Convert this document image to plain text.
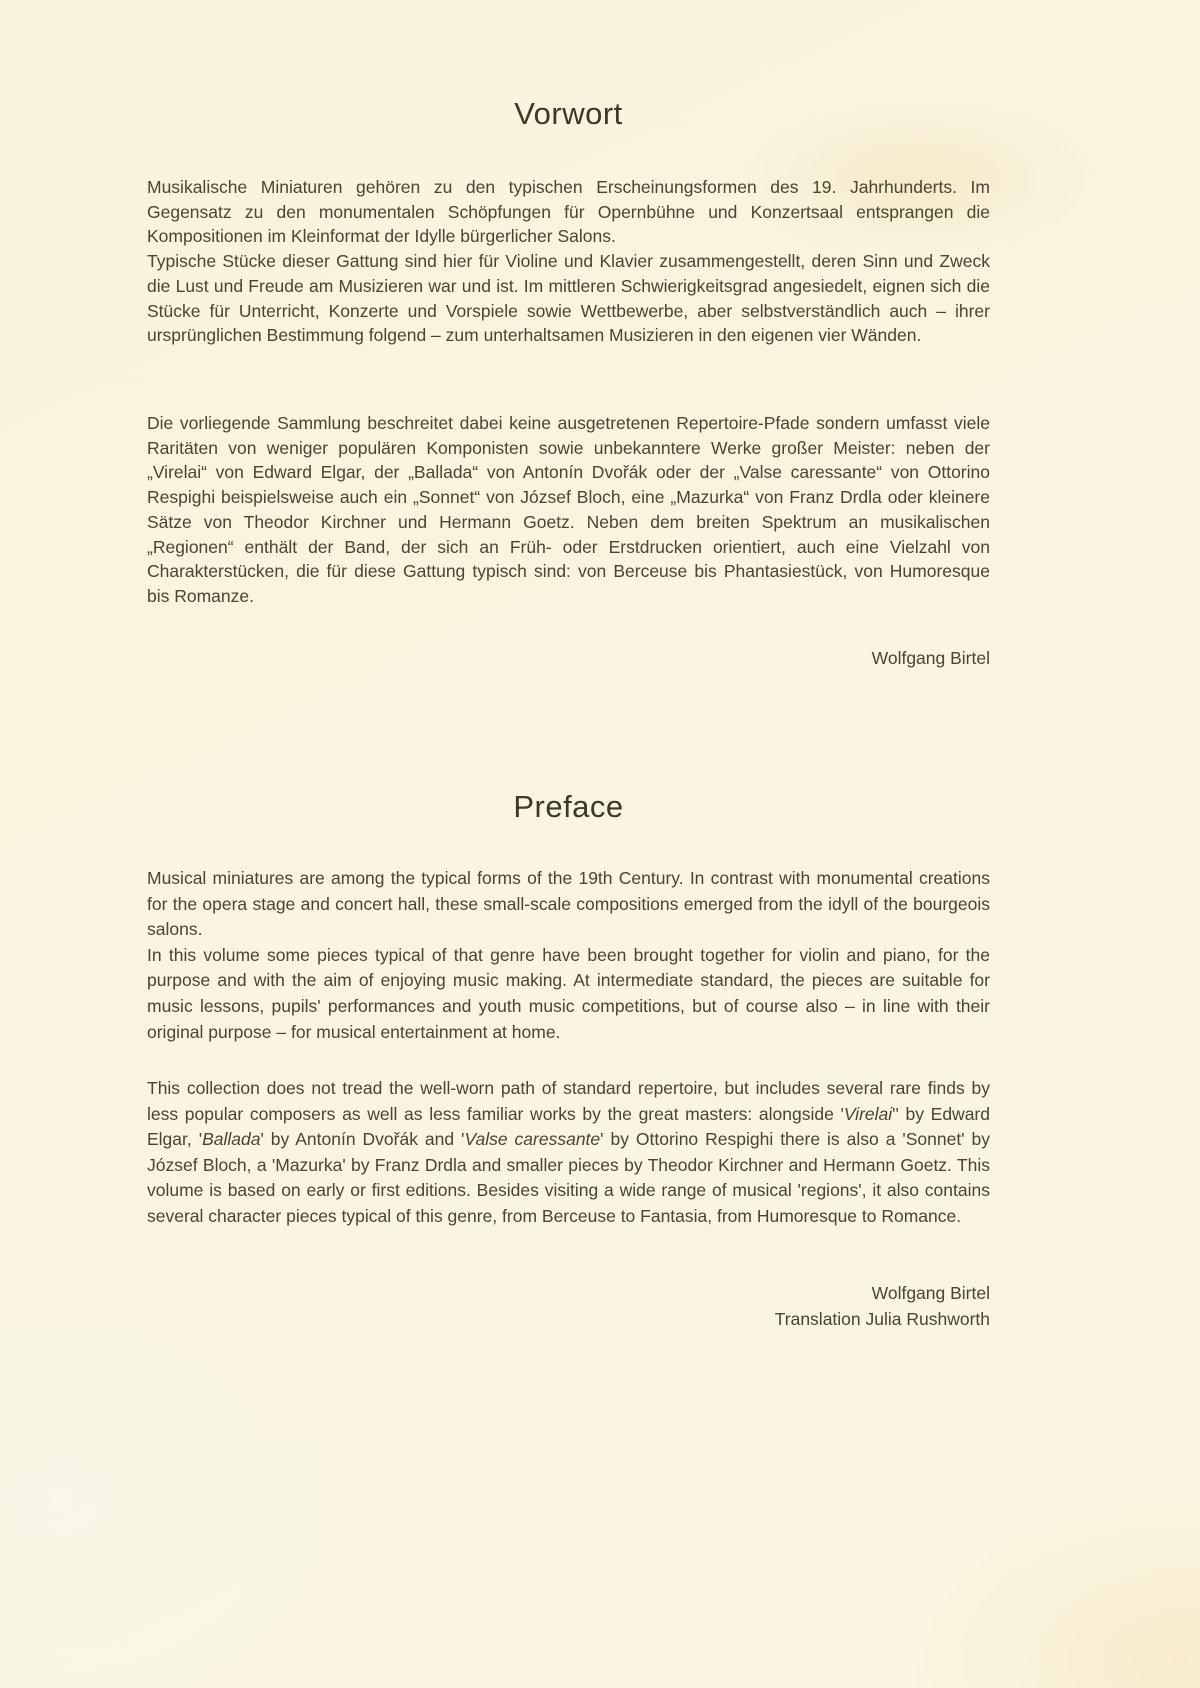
Vorwort

Musikalische Miniaturen gehören zu den typischen Erscheinungsformen des 19. Jahrhunderts. Im Gegensatz zu den monumentalen Schöpfungen für Opernbühne und Konzertsaal entsprangen die Kompositionen im Kleinformat der Idylle bürgerlicher Salons.

Typische Stücke dieser Gattung sind hier für Violine und Klavier zusammengestellt, deren Sinn und Zweck die Lust und Freude am Musizieren war und ist. Im mittleren Schwierigkeitsgrad angesiedelt, eignen sich die Stücke für Unterricht, Konzerte und Vorspiele sowie Wettbewerbe, aber selbstverständlich auch – ihrer ursprünglichen Bestimmung folgend – zum unterhaltsamen Musizieren in den eigenen vier Wänden.

Die vorliegende Sammlung beschreitet dabei keine ausgetretenen Repertoire-Pfade sondern umfasst viele Raritäten von weniger populären Komponisten sowie unbekanntere Werke großer Meister: neben der „Virelai“ von Edward Elgar, der „Ballada“ von Antonín Dvořák oder der „Valse caressante“ von Ottorino Respighi beispielsweise auch ein „Sonnet“ von József Bloch, eine „Mazurka“ von Franz Drdla oder kleinere Sätze von Theodor Kirchner und Hermann Goetz. Neben dem breiten Spektrum an musikalischen „Regionen“ enthält der Band, der sich an Früh- oder Erstdrucken orientiert, auch eine Vielzahl von Charakterstücken, die für diese Gattung typisch sind: von Berceuse bis Phantasiestück, von Humoresque bis Romanze.

Wolfgang Birtel
Preface

Musical miniatures are among the typical forms of the 19th Century. In contrast with monumental creations for the opera stage and concert hall, these small-scale compositions emerged from the idyll of the bourgeois salons.

In this volume some pieces typical of that genre have been brought together for violin and piano, for the purpose and with the aim of enjoying music making. At intermediate standard, the pieces are suitable for music lessons, pupils' performances and youth music competitions, but of course also – in line with their original purpose – for musical entertainment at home.

This collection does not tread the well-worn path of standard repertoire, but includes several rare finds by less popular composers as well as less familiar works by the great masters: alongside 'Virelai'' by Edward Elgar, 'Ballada' by Antonín Dvořák and 'Valse caressante' by Ottorino Respighi there is also a 'Sonnet' by József Bloch, a 'Mazurka' by Franz Drdla and smaller pieces by Theodor Kirchner and Hermann Goetz. This volume is based on early or first editions. Besides visiting a wide range of musical 'regions', it also contains several character pieces typical of this genre, from Berceuse to Fantasia, from Humoresque to Romance.

Wolfgang Birtel
Translation Julia Rushworth
